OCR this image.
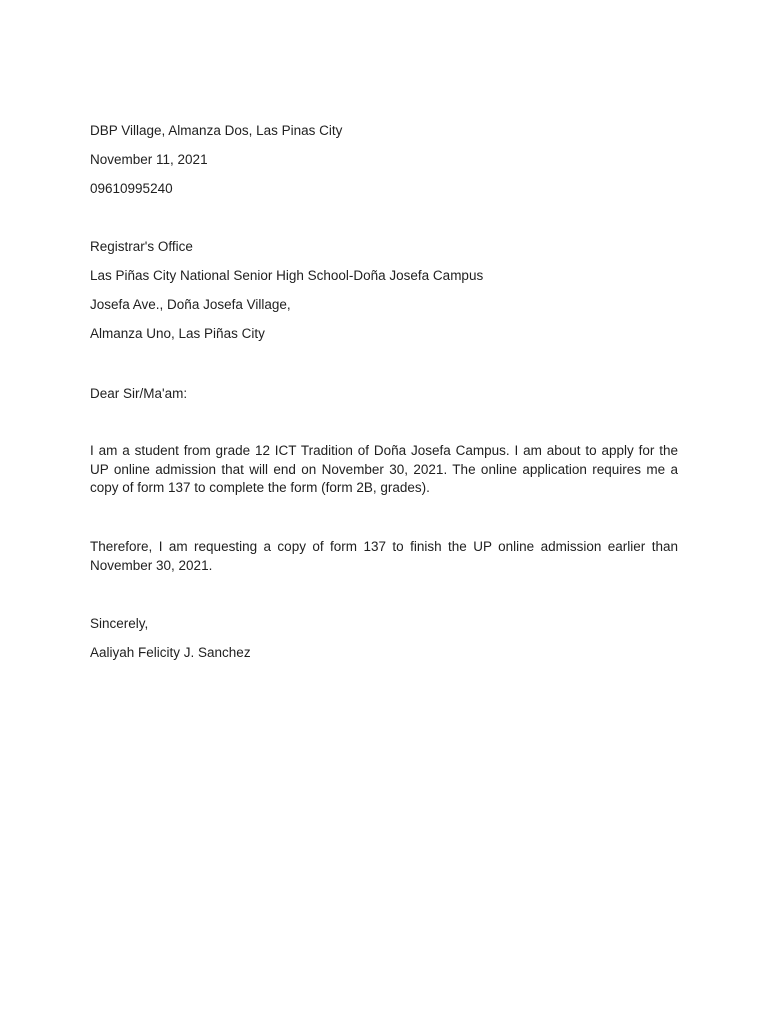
DBP Village, Almanza Dos, Las Pinas City
November 11, 2021
09610995240
Registrar's Office
Las Piñas City National Senior High School-Doña Josefa Campus
Josefa Ave., Doña Josefa Village,
Almanza Uno, Las Piñas City
Dear Sir/Ma'am:
I am a student from grade 12 ICT Tradition of Doña Josefa Campus. I am about to apply for the UP online admission that will end on November 30, 2021. The online application requires me a copy of form 137 to complete the form (form 2B, grades).
Therefore, I am requesting a copy of form 137 to finish the UP online admission earlier than November 30, 2021.
Sincerely,
Aaliyah Felicity J. Sanchez
